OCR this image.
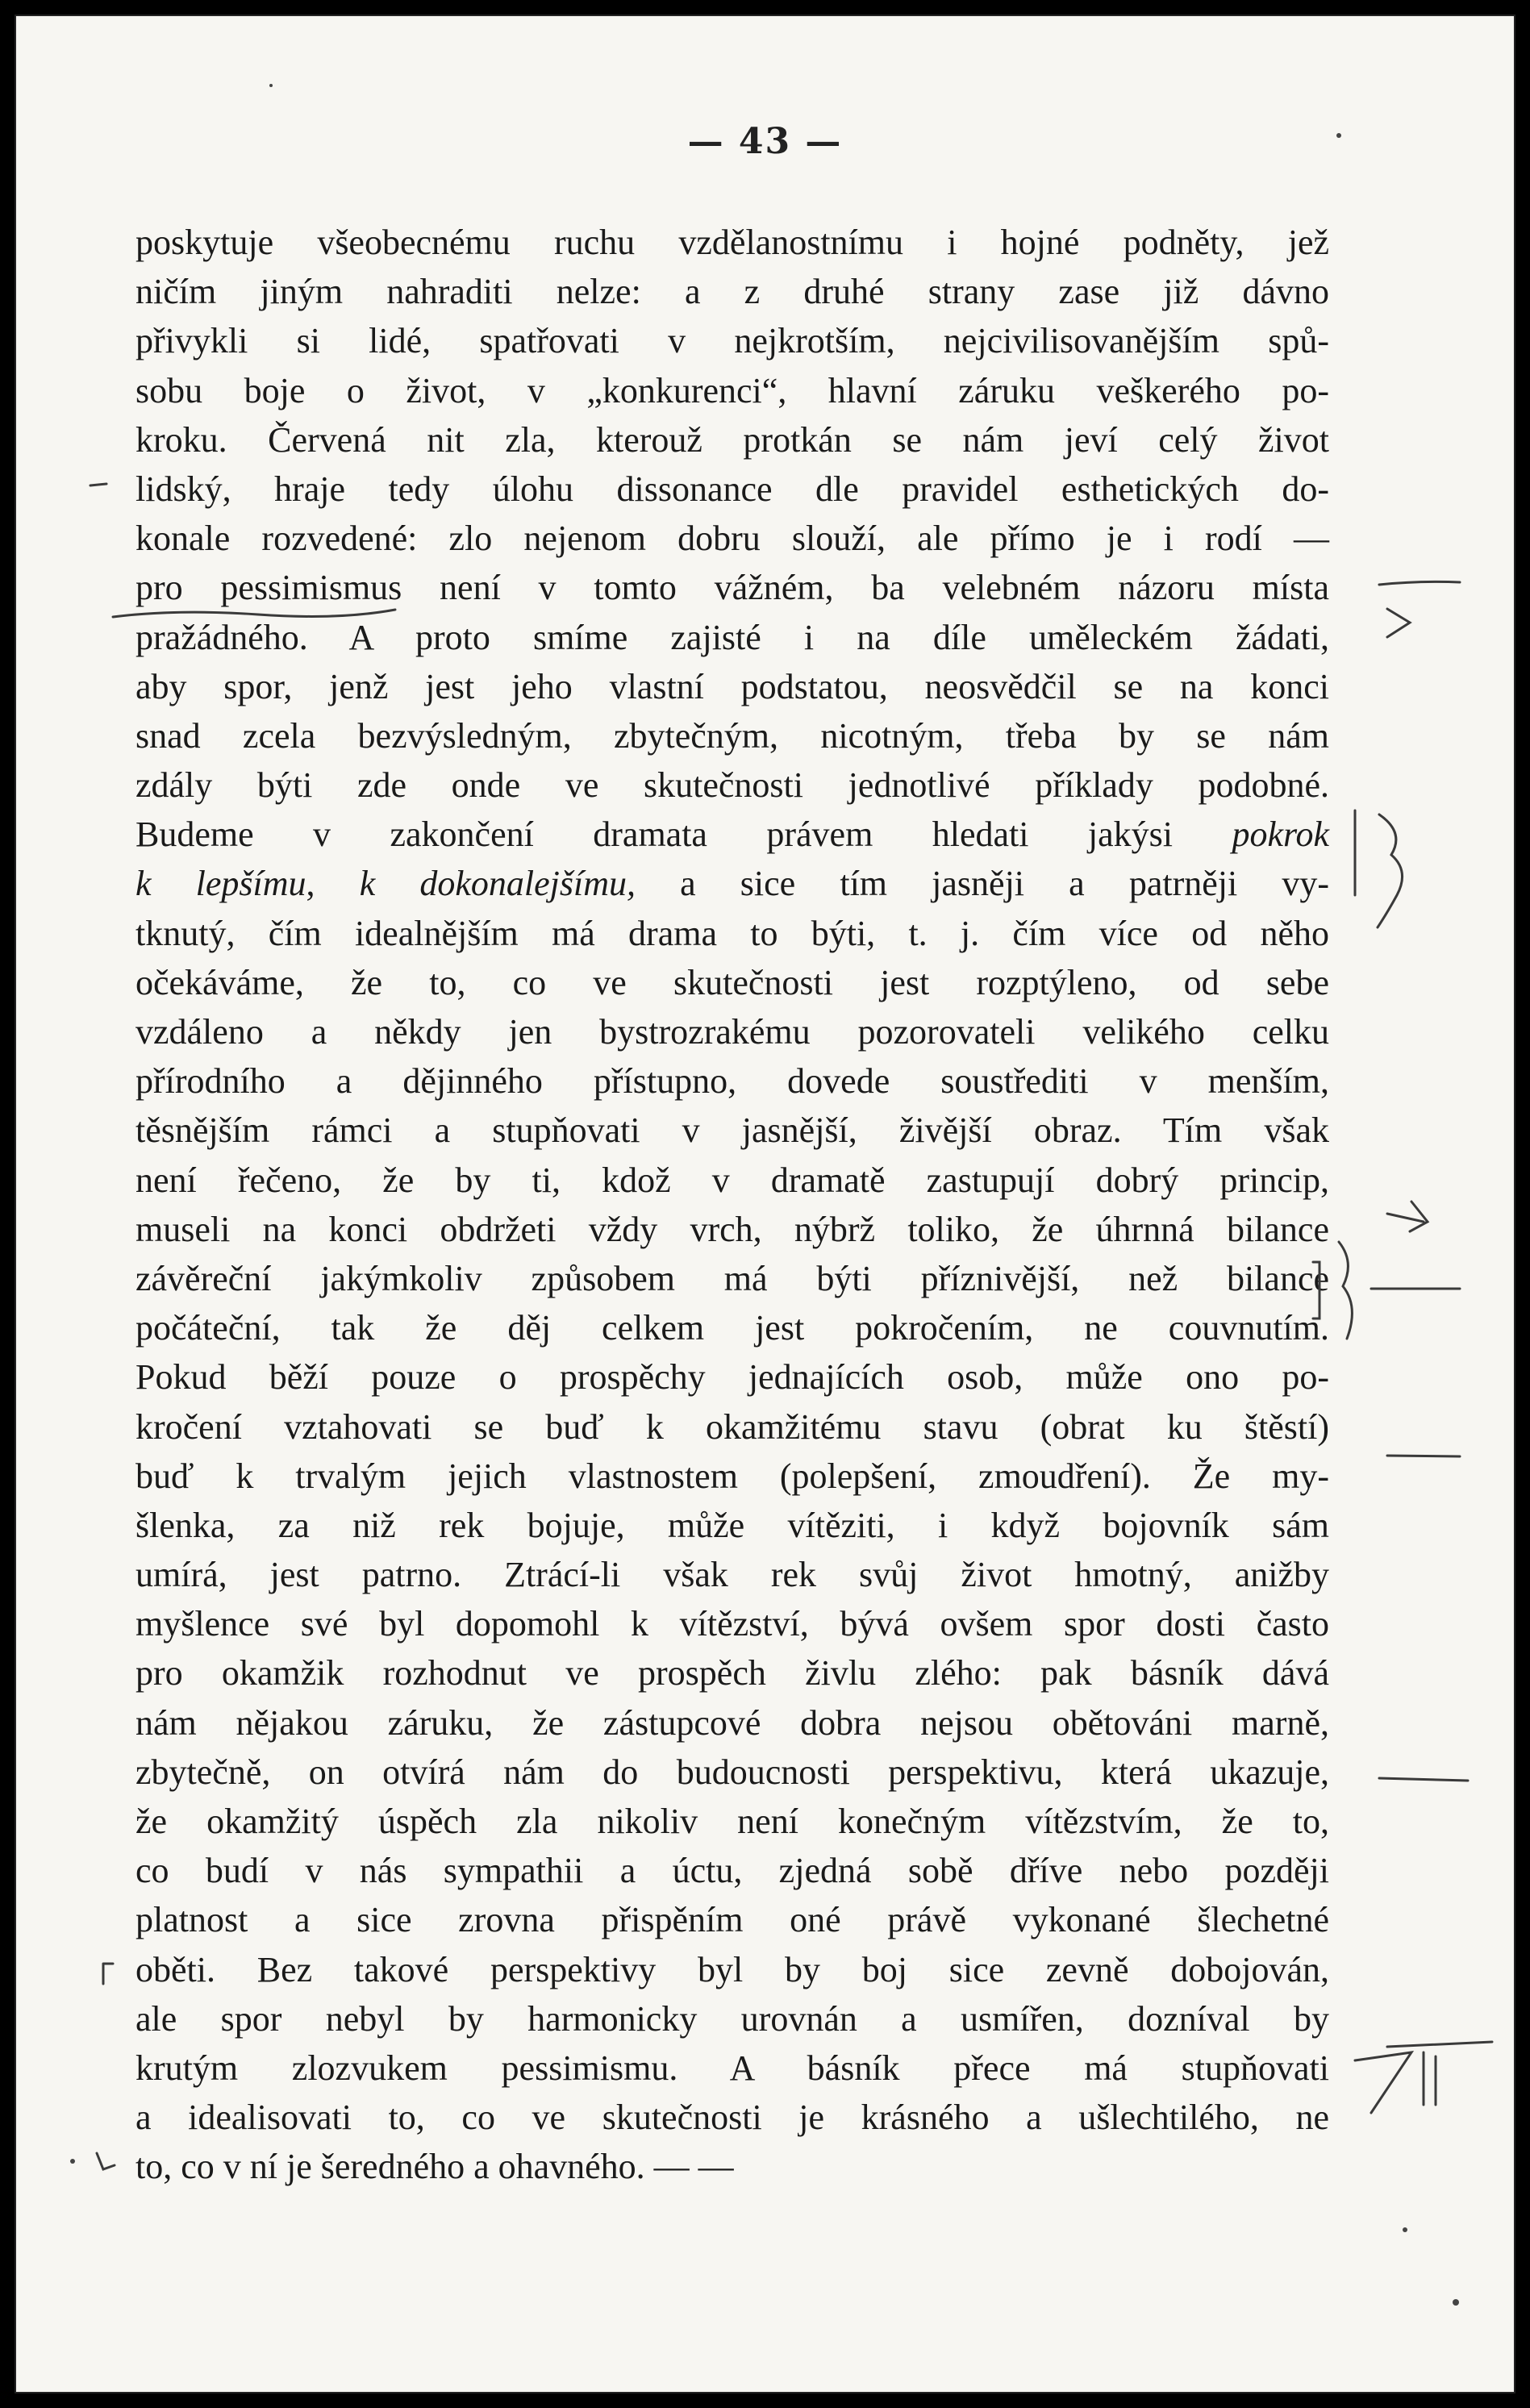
— 43 —
poskytuje všeobecnému ruchu vzdělanostnímu i hojné podněty, jež
ničím jiným nahraditi nelze: a z druhé strany zase již dávno
přivykli si lidé, spatřovati v nejkrotším, nejcivilisovanějším spů-
sobu boje o život, v „konkurenci“, hlavní záruku veškerého po-
kroku. Červená nit zla, kterouž protkán se nám jeví celý život
lidský, hraje tedy úlohu dissonance dle pravidel esthetických do-
konale rozvedené: zlo nejenom dobru slouží, ale přímo je i rodí —
pro pessimismus není v tomto vážném, ba velebném názoru místa
pražádného. A proto smíme zajisté i na díle uměleckém žádati,
aby spor, jenž jest jeho vlastní podstatou, neosvědčil se na konci
snad zcela bezvýsledným, zbytečným, nicotným, třeba by se nám
zdály býti zde onde ve skutečnosti jednotlivé příklady podobné.
Budeme v zakončení dramata právem hledati jakýsi pokrok
k lepšímu, k dokonalejšímu, a sice tím jasněji a patrněji vy-
tknutý, čím idealnějším má drama to býti, t. j. čím více od něho
očekáváme, že to, co ve skutečnosti jest rozptýleno, od sebe
vzdáleno a někdy jen bystrozrakému pozorovateli velikého celku
přírodního a dějinného přístupno, dovede soustřediti v menším,
těsnějším rámci a stupňovati v jasnější, živější obraz. Tím však
není řečeno, že by ti, kdož v dramatě zastupují dobrý princip,
museli na konci obdržeti vždy vrch, nýbrž toliko, že úhrnná bilance
závěreční jakýmkoliv způsobem má býti příznivější, než bilance
počáteční, tak že děj celkem jest pokročením, ne couvnutím.
Pokud běží pouze o prospěchy jednajících osob, může ono po-
kročení vztahovati se buď k okamžitému stavu (obrat ku štěstí)
buď k trvalým jejich vlastnostem (polepšení, zmoudření). Že my-
šlenka, za niž rek bojuje, může vítěziti, i když bojovník sám
umírá, jest patrno. Ztrácí-li však rek svůj život hmotný, anižby
myšlence své byl dopomohl k vítězství, bývá ovšem spor dosti často
pro okamžik rozhodnut ve prospěch živlu zlého: pak básník dává
nám nějakou záruku, že zástupcové dobra nejsou obětováni marně,
zbytečně, on otvírá nám do budoucnosti perspektivu, která ukazuje,
že okamžitý úspěch zla nikoliv není konečným vítězstvím, že to,
co budí v nás sympathii a úctu, zjedná sobě dříve nebo později
platnost a sice zrovna přispěním oné právě vykonané šlechetné
oběti. Bez takové perspektivy byl by boj sice zevně dobojován,
ale spor nebyl by harmonicky urovnán a usmířen, dozníval by
krutým zlozvukem pessimismu. A básník přece má stupňovati
a idealisovati to, co ve skutečnosti je krásného a ušlechtilého, ne
to, co v ní je šeredného a ohavného. — —
